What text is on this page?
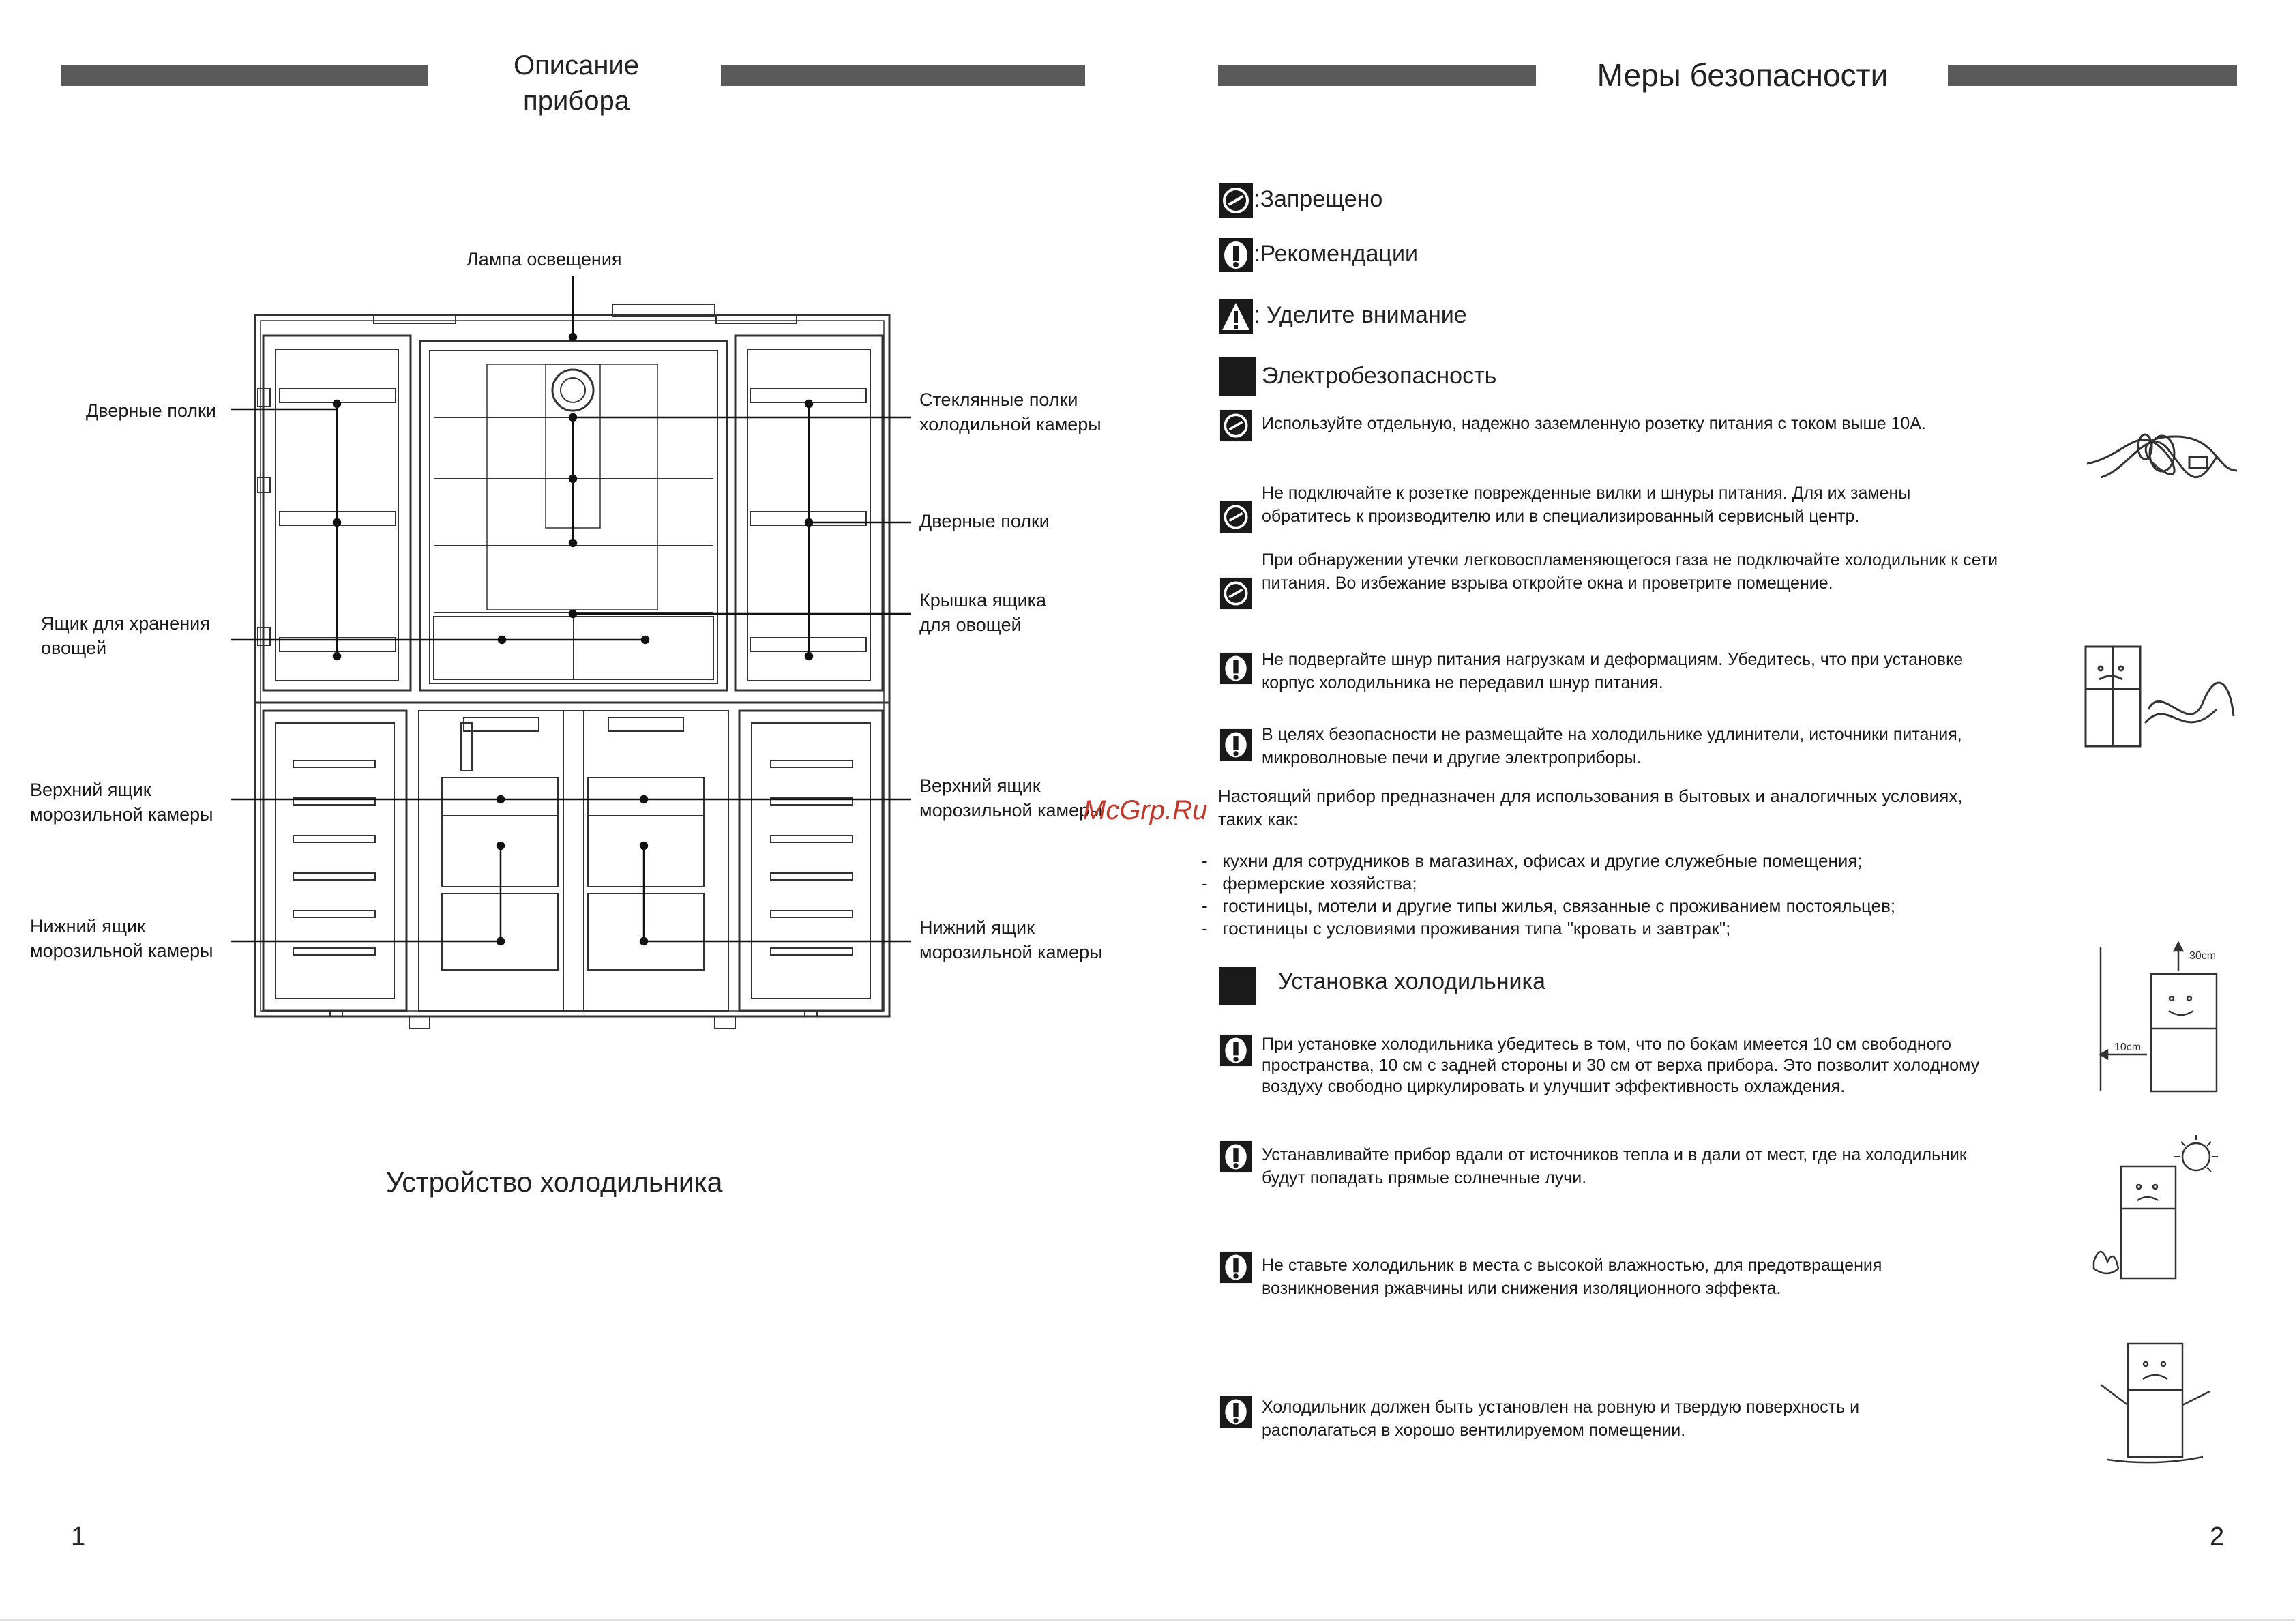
Описание
прибора
Лампа освещения
Дверные полки
Ящик для хранения
овощей
Верхний ящик
морозильной камеры
Нижний ящик
морозильной камеры
Стеклянные полки
холодильной камеры
Дверные полки
Крышка ящика
для овощей
Верхний ящик
морозильной камеры
Нижний ящик
морозильной камеры
Устройство холодильника
1
Меры безопасности
:Запрещено
:Рекомендации
: Уделите внимание
Электробезопасность
Используйте отдельную, надежно заземленную розетку питания с током выше 10А.
Не подключайте к розетке поврежденные вилки и шнуры питания. Для их замены обратитесь к производителю или в специализированный сервисный центр.
При обнаружении утечки легковоспламеняющегося газа не подключайте холодильник к сети питания. Во избежание взрыва откройте окна и проветрите помещение.
Не подвергайте шнур питания нагрузкам и деформациям. Убедитесь, что при установке корпус холодильника не передавил шнур питания.
В целях безопасности не размещайте на холодильнике удлинители, источники питания, микроволновые печи и другие электроприборы.
Настоящий прибор предназначен для использования в бытовых и аналогичных условиях, таких как:
-   кухни для сотрудников в магазинах, офисах и другие служебные помещения;
-   фермерские хозяйства;
-   гостиницы, мотели и другие типы жилья, связанные с проживанием постояльцев;
-   гостиницы с условиями проживания типа "кровать и завтрак";
Установка холодильника
При установке холодильника убедитесь в том, что по бокам имеется 10 см свободного пространства, 10 см с задней стороны и 30 см от верха прибора. Это позволит холодному воздуху свободно циркулировать и улучшит эффективность охлаждения.
Устанавливайте прибор вдали от источников тепла и в дали от мест, где на холодильник будут попадать прямые солнечные лучи.
Не ставьте холодильник в места с высокой влажностью, для предотвращения возникновения ржавчины или снижения изоляционного эффекта.
Холодильник должен быть установлен на ровную и твердую поверхность и располагаться в хорошо вентилируемом помещении.
30cm
10cm
McGrp.Ru
2
